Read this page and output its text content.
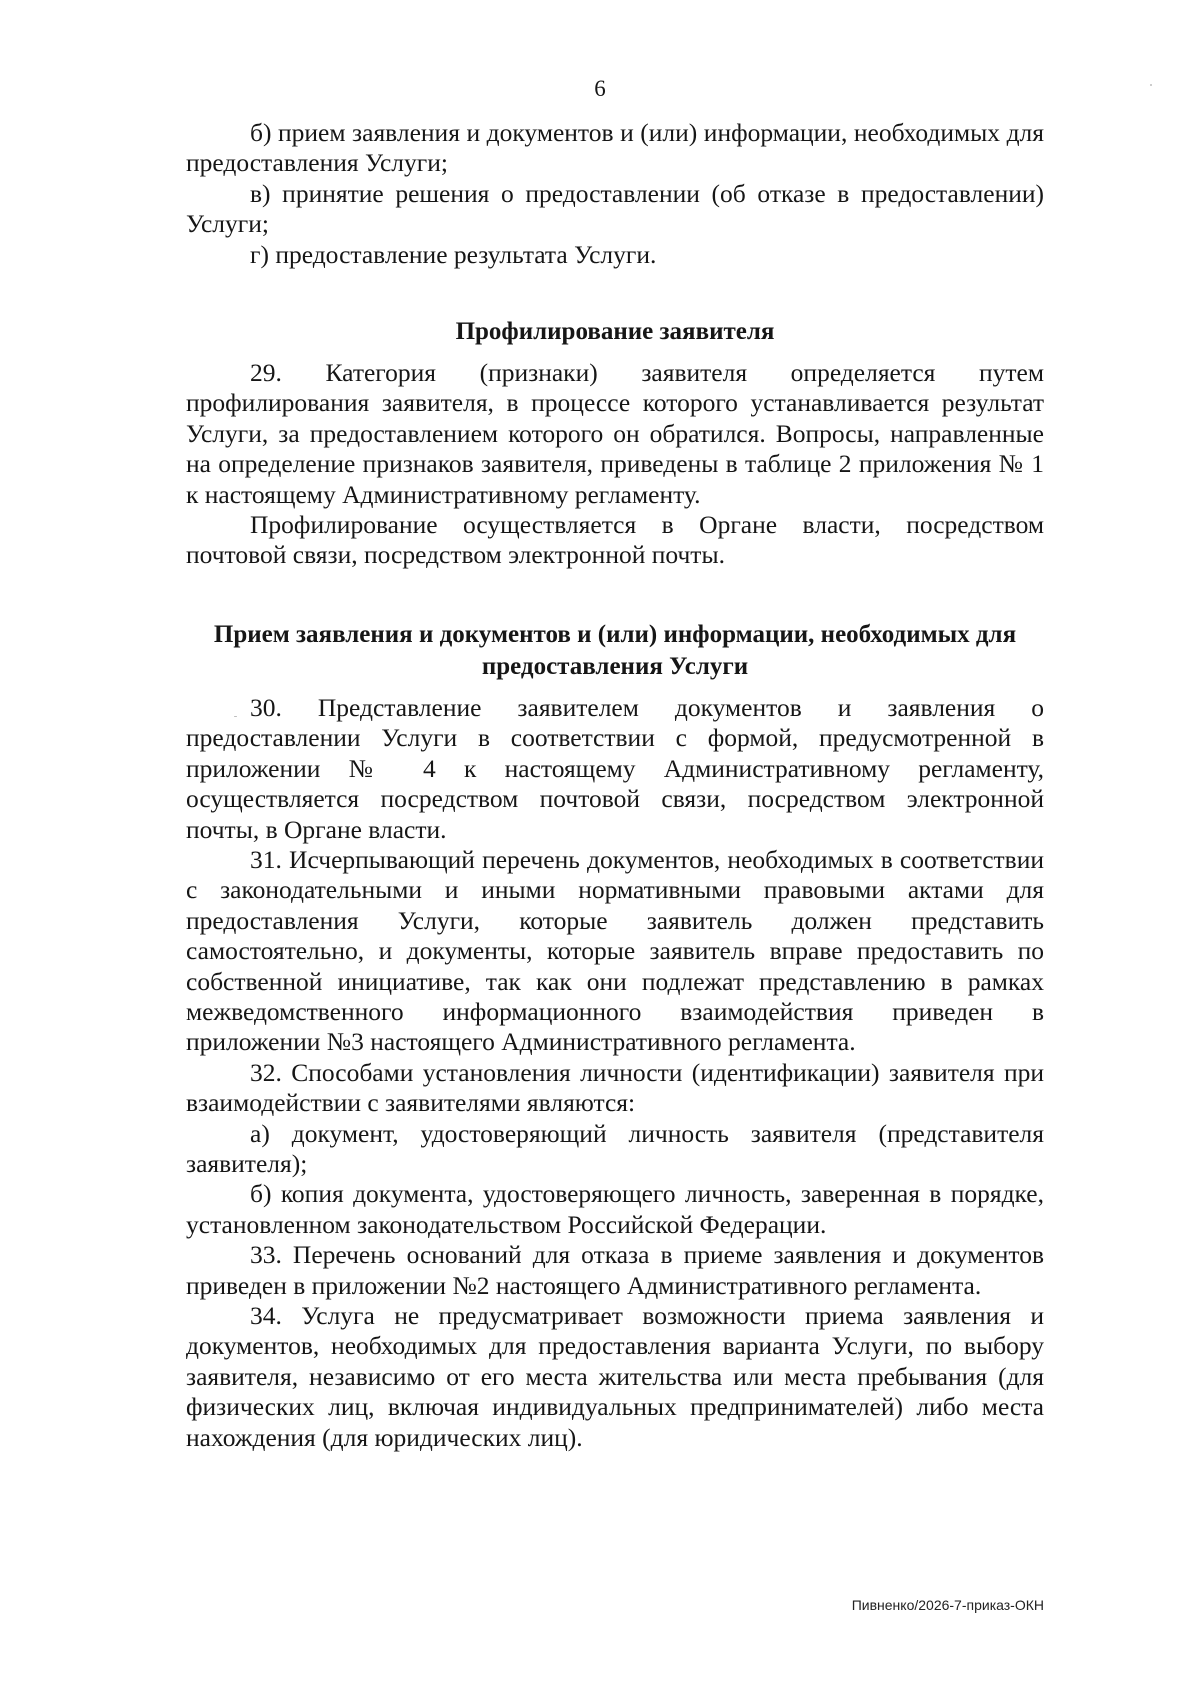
6

б) прием заявления и документов и (или) информации, необходимых для предоставления Услуги;

в) принятие решения о предоставлении (об отказе в предоставлении) Услуги;

г) предоставление результата Услуги.

Профилирование заявителя

29. Категория (признаки) заявителя определяется путем профилирования заявителя, в процессе которого устанавливается результат Услуги, за предоставлением которого он обратился. Вопросы, направленные на определение признаков заявителя, приведены в таблице 2 приложения № 1 к настоящему Административному регламенту.

Профилирование осуществляется в Органе власти, посредством почтовой связи, посредством электронной почты.

Прием заявления и документов и (или) информации, необходимых для
предоставления Услуги

30. Представление заявителем документов и заявления о предоставлении Услуги в соответствии с формой, предусмотренной в приложении № 4 к настоящему Административному регламенту, осуществляется посредством почтовой связи, посредством электронной почты, в Органе власти.

31. Исчерпывающий перечень документов, необходимых в соответствии с законодательными и иными нормативными правовыми актами для предоставления Услуги, которые заявитель должен представить самостоятельно, и документы, которые заявитель вправе предоставить по собственной инициативе, так как они подлежат представлению в рамках межведомственного информационного взаимодействия приведен в приложении №3 настоящего Административного регламента.

32. Способами установления личности (идентификации) заявителя при взаимодействии с заявителями являются:

а) документ, удостоверяющий личность заявителя (представителя заявителя);

б) копия документа, удостоверяющего личность, заверенная в порядке, установленном законодательством Российской Федерации.

33. Перечень оснований для отказа в приеме заявления и документов приведен в приложении №2 настоящего Административного регламента.

34. Услуга не предусматривает возможности приема заявления и документов, необходимых для предоставления варианта Услуги, по выбору заявителя, независимо от его места жительства или места пребывания (для физических лиц, включая индивидуальных предпринимателей) либо места нахождения (для юридических лиц).

Пивненко/2026-7-приказ-ОКН
